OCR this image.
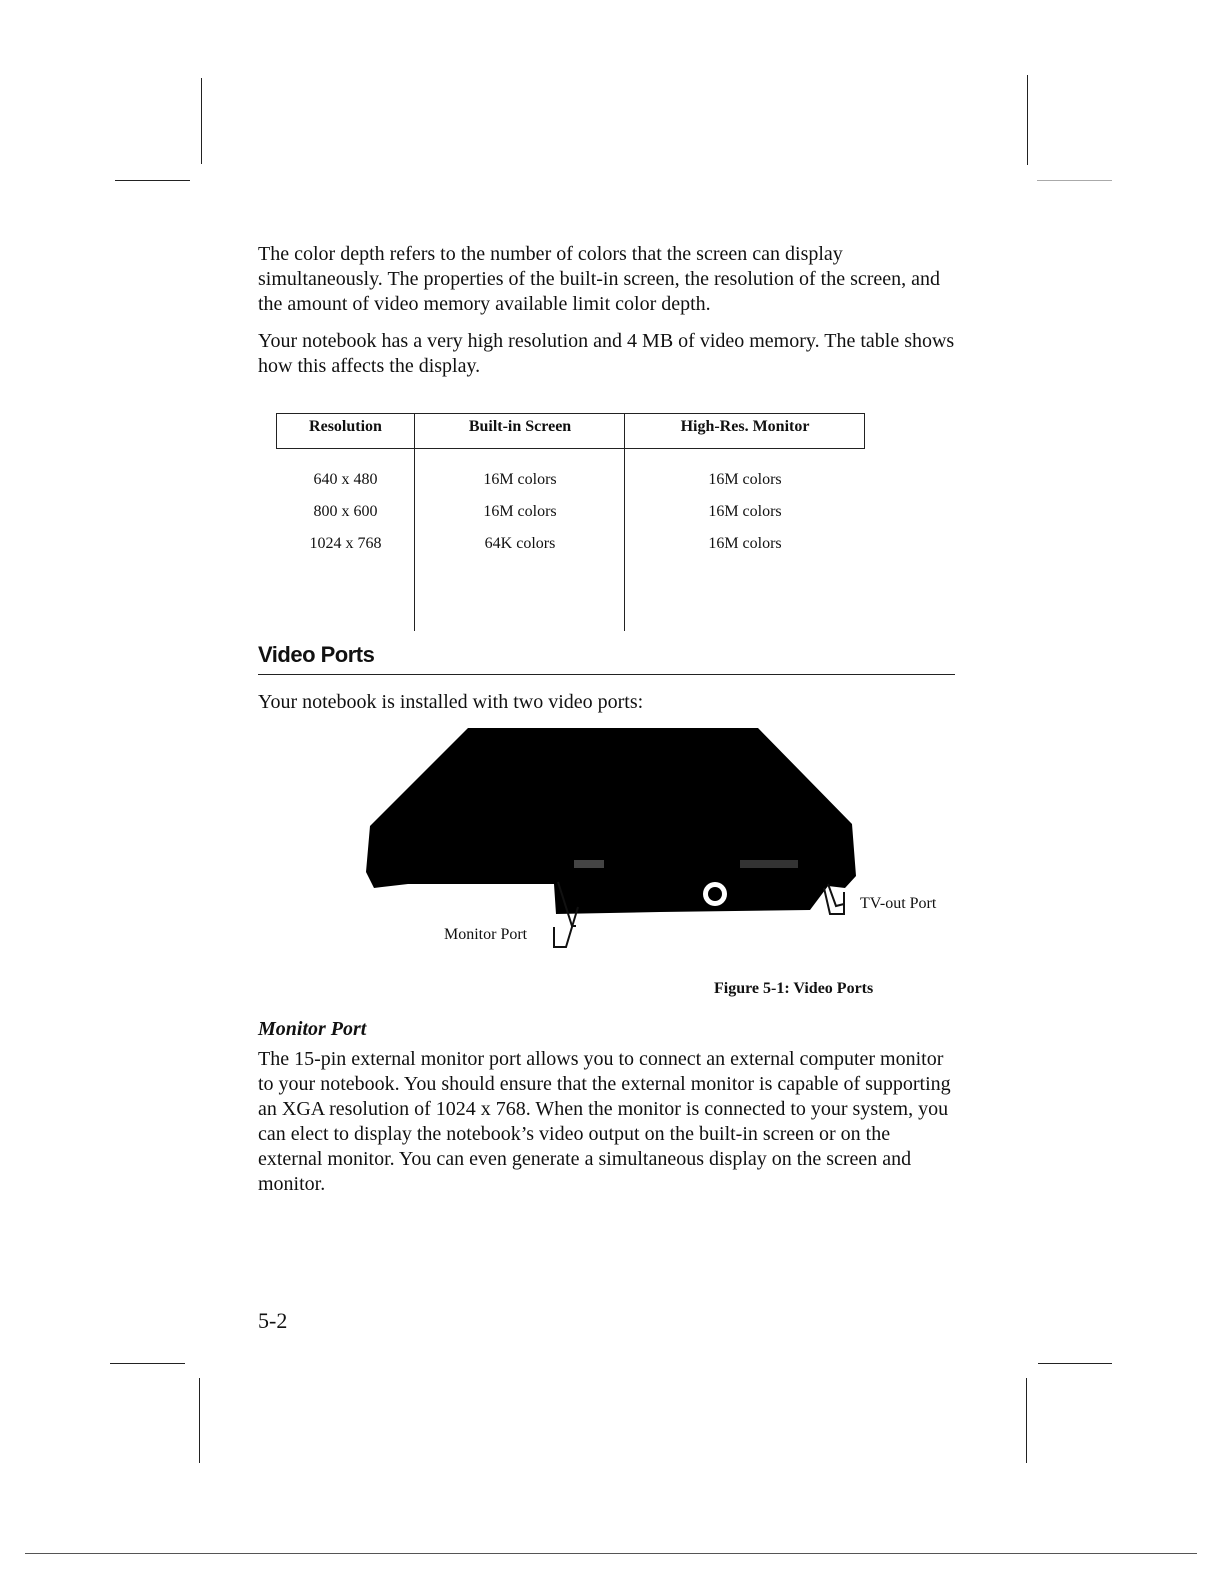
The color depth refers to the number of colors that the screen can display simultaneously. The properties of the built-in screen, the resolution of the screen, and the amount of video memory available limit color depth.

Your notebook has a very high resolution and 4 MB of video memory. The table shows how this affects the display.

Resolution	Built-in Screen	High-Res. Monitor
640 x 480	16M colors	16M colors
800 x 600	16M colors	16M colors
1024 x 768	64K colors	16M colors
Video Ports

Your notebook is installed with two video ports:

Monitor Port
TV-out Port
Figure 5-1: Video Ports
Monitor Port

The 15-pin external monitor port allows you to connect an external computer monitor to your notebook. You should ensure that the external monitor is capable of supporting an XGA resolution of 1024 x 768. When the monitor is connected to your system, you can elect to display the notebook’s video output on the built-in screen or on the external monitor. You can even generate a simultaneous display on the screen and monitor.

5-2
